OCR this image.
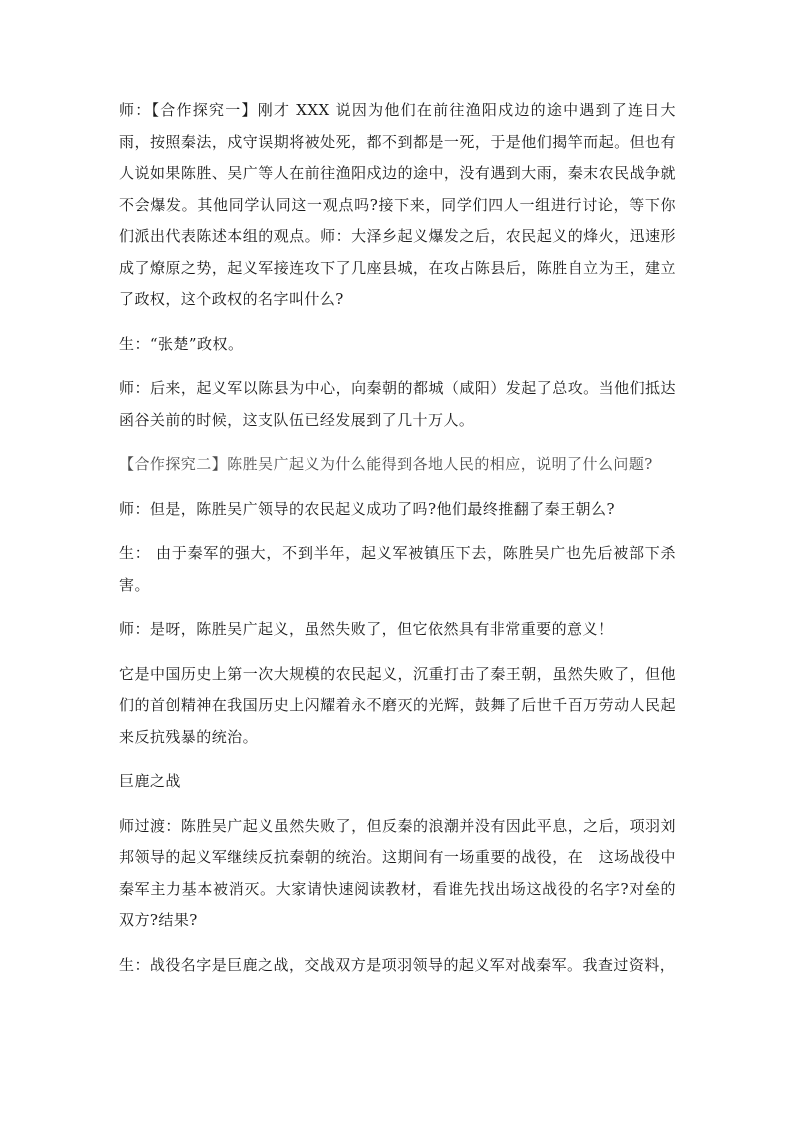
师：【合作探究一】刚才 XXX 说因为他们在前往渔阳戍边的途中遇到了连日大雨，按照秦法，戍守误期将被处死，都不到都是一死，于是他们揭竿而起。但也有人说如果陈胜、吴广等人在前往渔阳戍边的途中，没有遇到大雨，秦末农民战争就不会爆发。其他同学认同这一观点吗?接下来，同学们四人一组进行讨论，等下你们派出代表陈述本组的观点。师：大泽乡起义爆发之后，农民起义的烽火，迅速形成了燎原之势，起义军接连攻下了几座县城，在攻占陈县后，陈胜自立为王，建立了政权，这个政权的名字叫什么?

生：“张楚”政权。

师：后来，起义军以陈县为中心，向秦朝的都城（咸阳）发起了总攻。当他们抵达函谷关前的时候，这支队伍已经发展到了几十万人。

【合作探究二】陈胜吴广起义为什么能得到各地人民的相应，说明了什么问题?

师：但是，陈胜吴广领导的农民起义成功了吗?他们最终推翻了秦王朝么?

生： 由于秦军的强大，不到半年，起义军被镇压下去，陈胜吴广也先后被部下杀害。

师：是呀，陈胜吴广起义，虽然失败了，但它依然具有非常重要的意义！

它是中国历史上第一次大规模的农民起义，沉重打击了秦王朝，虽然失败了，但他们的首创精神在我国历史上闪耀着永不磨灭的光辉，鼓舞了后世千百万劳动人民起来反抗残暴的统治。

巨鹿之战

师过渡：陈胜吴广起义虽然失败了，但反秦的浪潮并没有因此平息，之后，项羽刘邦领导的起义军继续反抗秦朝的统治。这期间有一场重要的战役，在　这场战役中秦军主力基本被消灭。大家请快速阅读教材，看谁先找出场这战役的名字?对垒的双方?结果?

生：战役名字是巨鹿之战，交战双方是项羽领导的起义军对战秦军。我查过资料，
